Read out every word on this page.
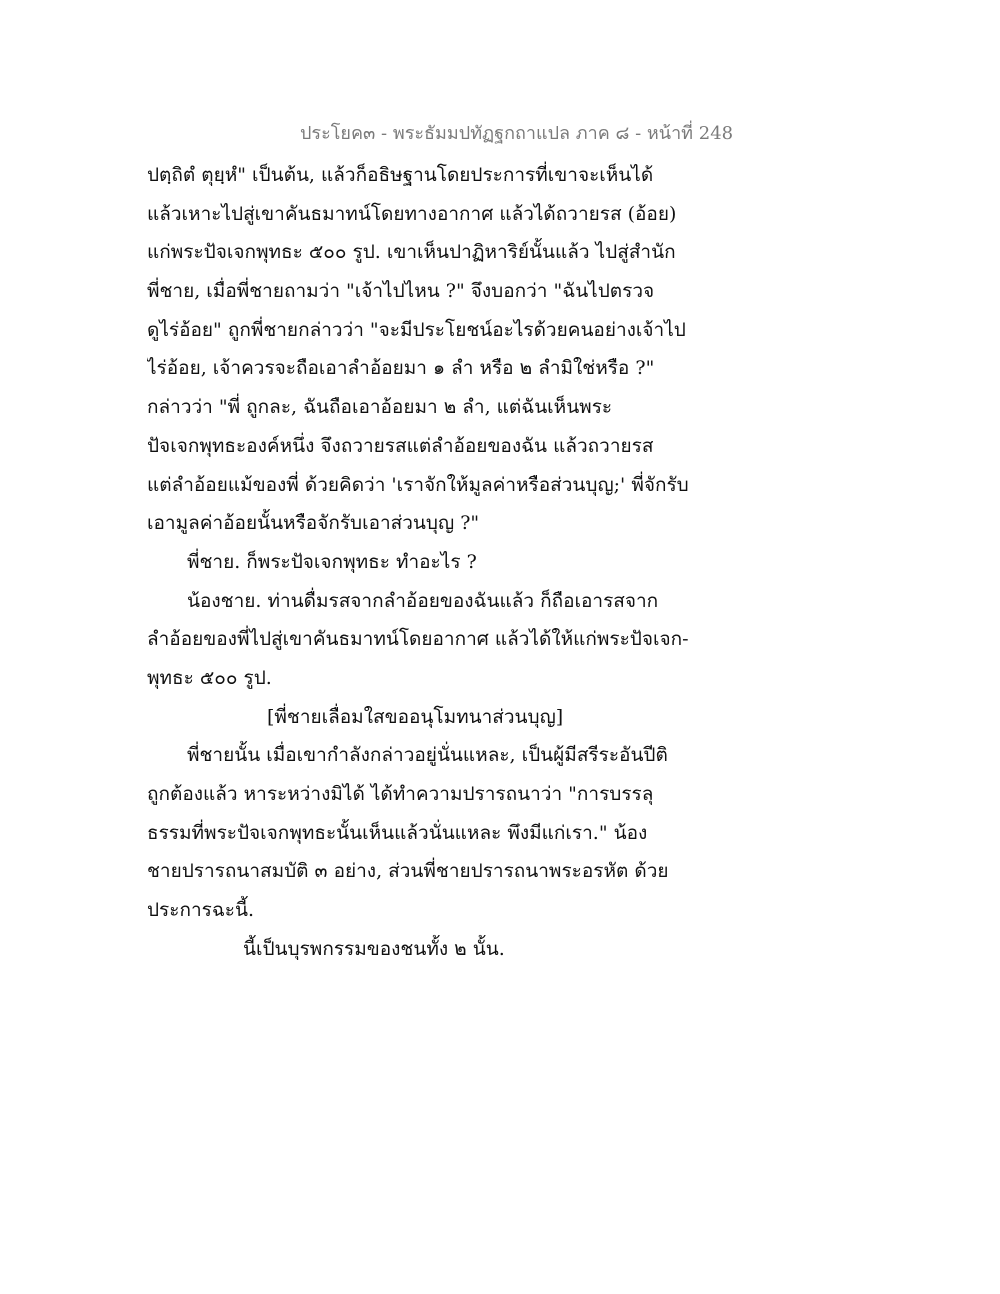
ประโยค๓ - พระธัมมปทัฏฐกถาแปล ภาค ๘ - หน้าที่ 248
ปตฺถิตํ ตุยฺหํ" เป็นต้น, แล้วก็อธิษฐานโดยประการที่เขาจะเห็นได้
แล้วเหาะไปสู่เขาคันธมาทน์โดยทางอากาศ แล้วได้ถวายรส (อ้อย)
แก่พระปัจเจกพุทธะ ๕๐๐ รูป. เขาเห็นปาฏิหาริย์นั้นแล้ว ไปสู่สำนัก
พี่ชาย, เมื่อพี่ชายถามว่า "เจ้าไปไหน ?" จึงบอกว่า "ฉันไปตรวจ
ดูไร่อ้อย" ถูกพี่ชายกล่าวว่า "จะมีประโยชน์อะไรด้วยคนอย่างเจ้าไป
ไร่อ้อย, เจ้าควรจะถือเอาลำอ้อยมา ๑ ลำ หรือ ๒ ลำมิใช่หรือ ?"
กล่าวว่า "พี่ ถูกละ, ฉันถือเอาอ้อยมา ๒ ลำ, แต่ฉันเห็นพระ
ปัจเจกพุทธะองค์หนึ่ง จึงถวายรสแต่ลำอ้อยของฉัน แล้วถวายรส
แต่ลำอ้อยแม้ของพี่ ด้วยคิดว่า 'เราจักให้มูลค่าหรือส่วนบุญ;' พี่จักรับ
เอามูลค่าอ้อยนั้นหรือจักรับเอาส่วนบุญ ?"
พี่ชาย. ก็พระปัจเจกพุทธะ ทำอะไร ?
น้องชาย. ท่านดื่มรสจากลำอ้อยของฉันแล้ว ก็ถือเอารสจาก
ลำอ้อยของพี่ไปสู่เขาคันธมาทน์โดยอากาศ แล้วได้ให้แก่พระปัจเจก-
พุทธะ ๕๐๐ รูป.
[พี่ชายเลื่อมใสขออนุโมทนาส่วนบุญ]
พี่ชายนั้น เมื่อเขากำลังกล่าวอยู่นั่นแหละ, เป็นผู้มีสรีระอันปีติ
ถูกต้องแล้ว หาระหว่างมิได้ ได้ทำความปรารถนาว่า "การบรรลุ
ธรรมที่พระปัจเจกพุทธะนั้นเห็นแล้วนั่นแหละ พึงมีแก่เรา." น้อง
ชายปรารถนาสมบัติ ๓ อย่าง, ส่วนพี่ชายปรารถนาพระอรหัต ด้วย
ประการฉะนี้.
นี้เป็นบุรพกรรมของชนทั้ง ๒ นั้น.
